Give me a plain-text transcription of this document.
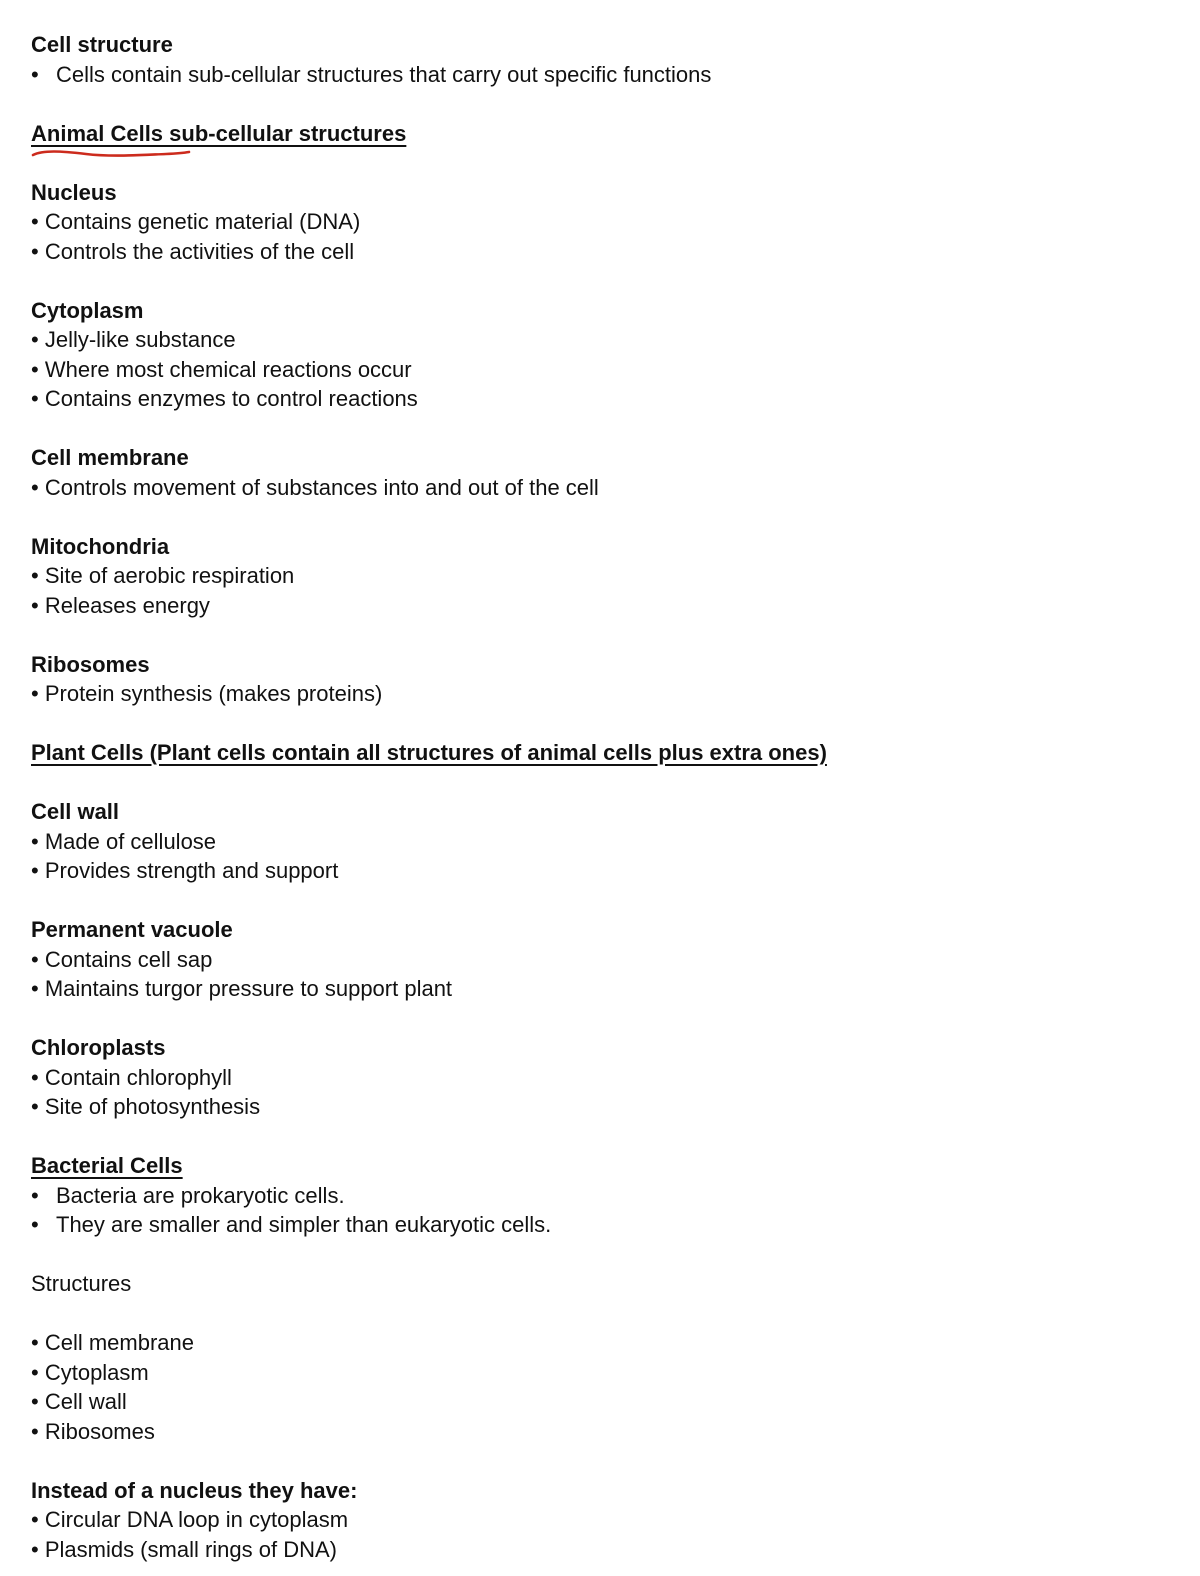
Cell structure
• Cells contain sub-cellular structures that carry out specific functions
Animal Cells sub-cellular structures
Nucleus
• Contains genetic material (DNA)
• Controls the activities of the cell
Cytoplasm
• Jelly-like substance
• Where most chemical reactions occur
• Contains enzymes to control reactions
Cell membrane
• Controls movement of substances into and out of the cell
Mitochondria
• Site of aerobic respiration
• Releases energy
Ribosomes
• Protein synthesis (makes proteins)
Plant Cells (Plant cells contain all structures of animal cells plus extra ones)
Cell wall
• Made of cellulose
• Provides strength and support
Permanent vacuole
• Contains cell sap
• Maintains turgor pressure to support plant
Chloroplasts
• Contain chlorophyll
• Site of photosynthesis
Bacterial Cells
• Bacteria are prokaryotic cells.
• They are smaller and simpler than eukaryotic cells.
Structures
• Cell membrane
• Cytoplasm
• Cell wall
• Ribosomes
Instead of a nucleus they have:
• Circular DNA loop in cytoplasm
• Plasmids (small rings of DNA)
